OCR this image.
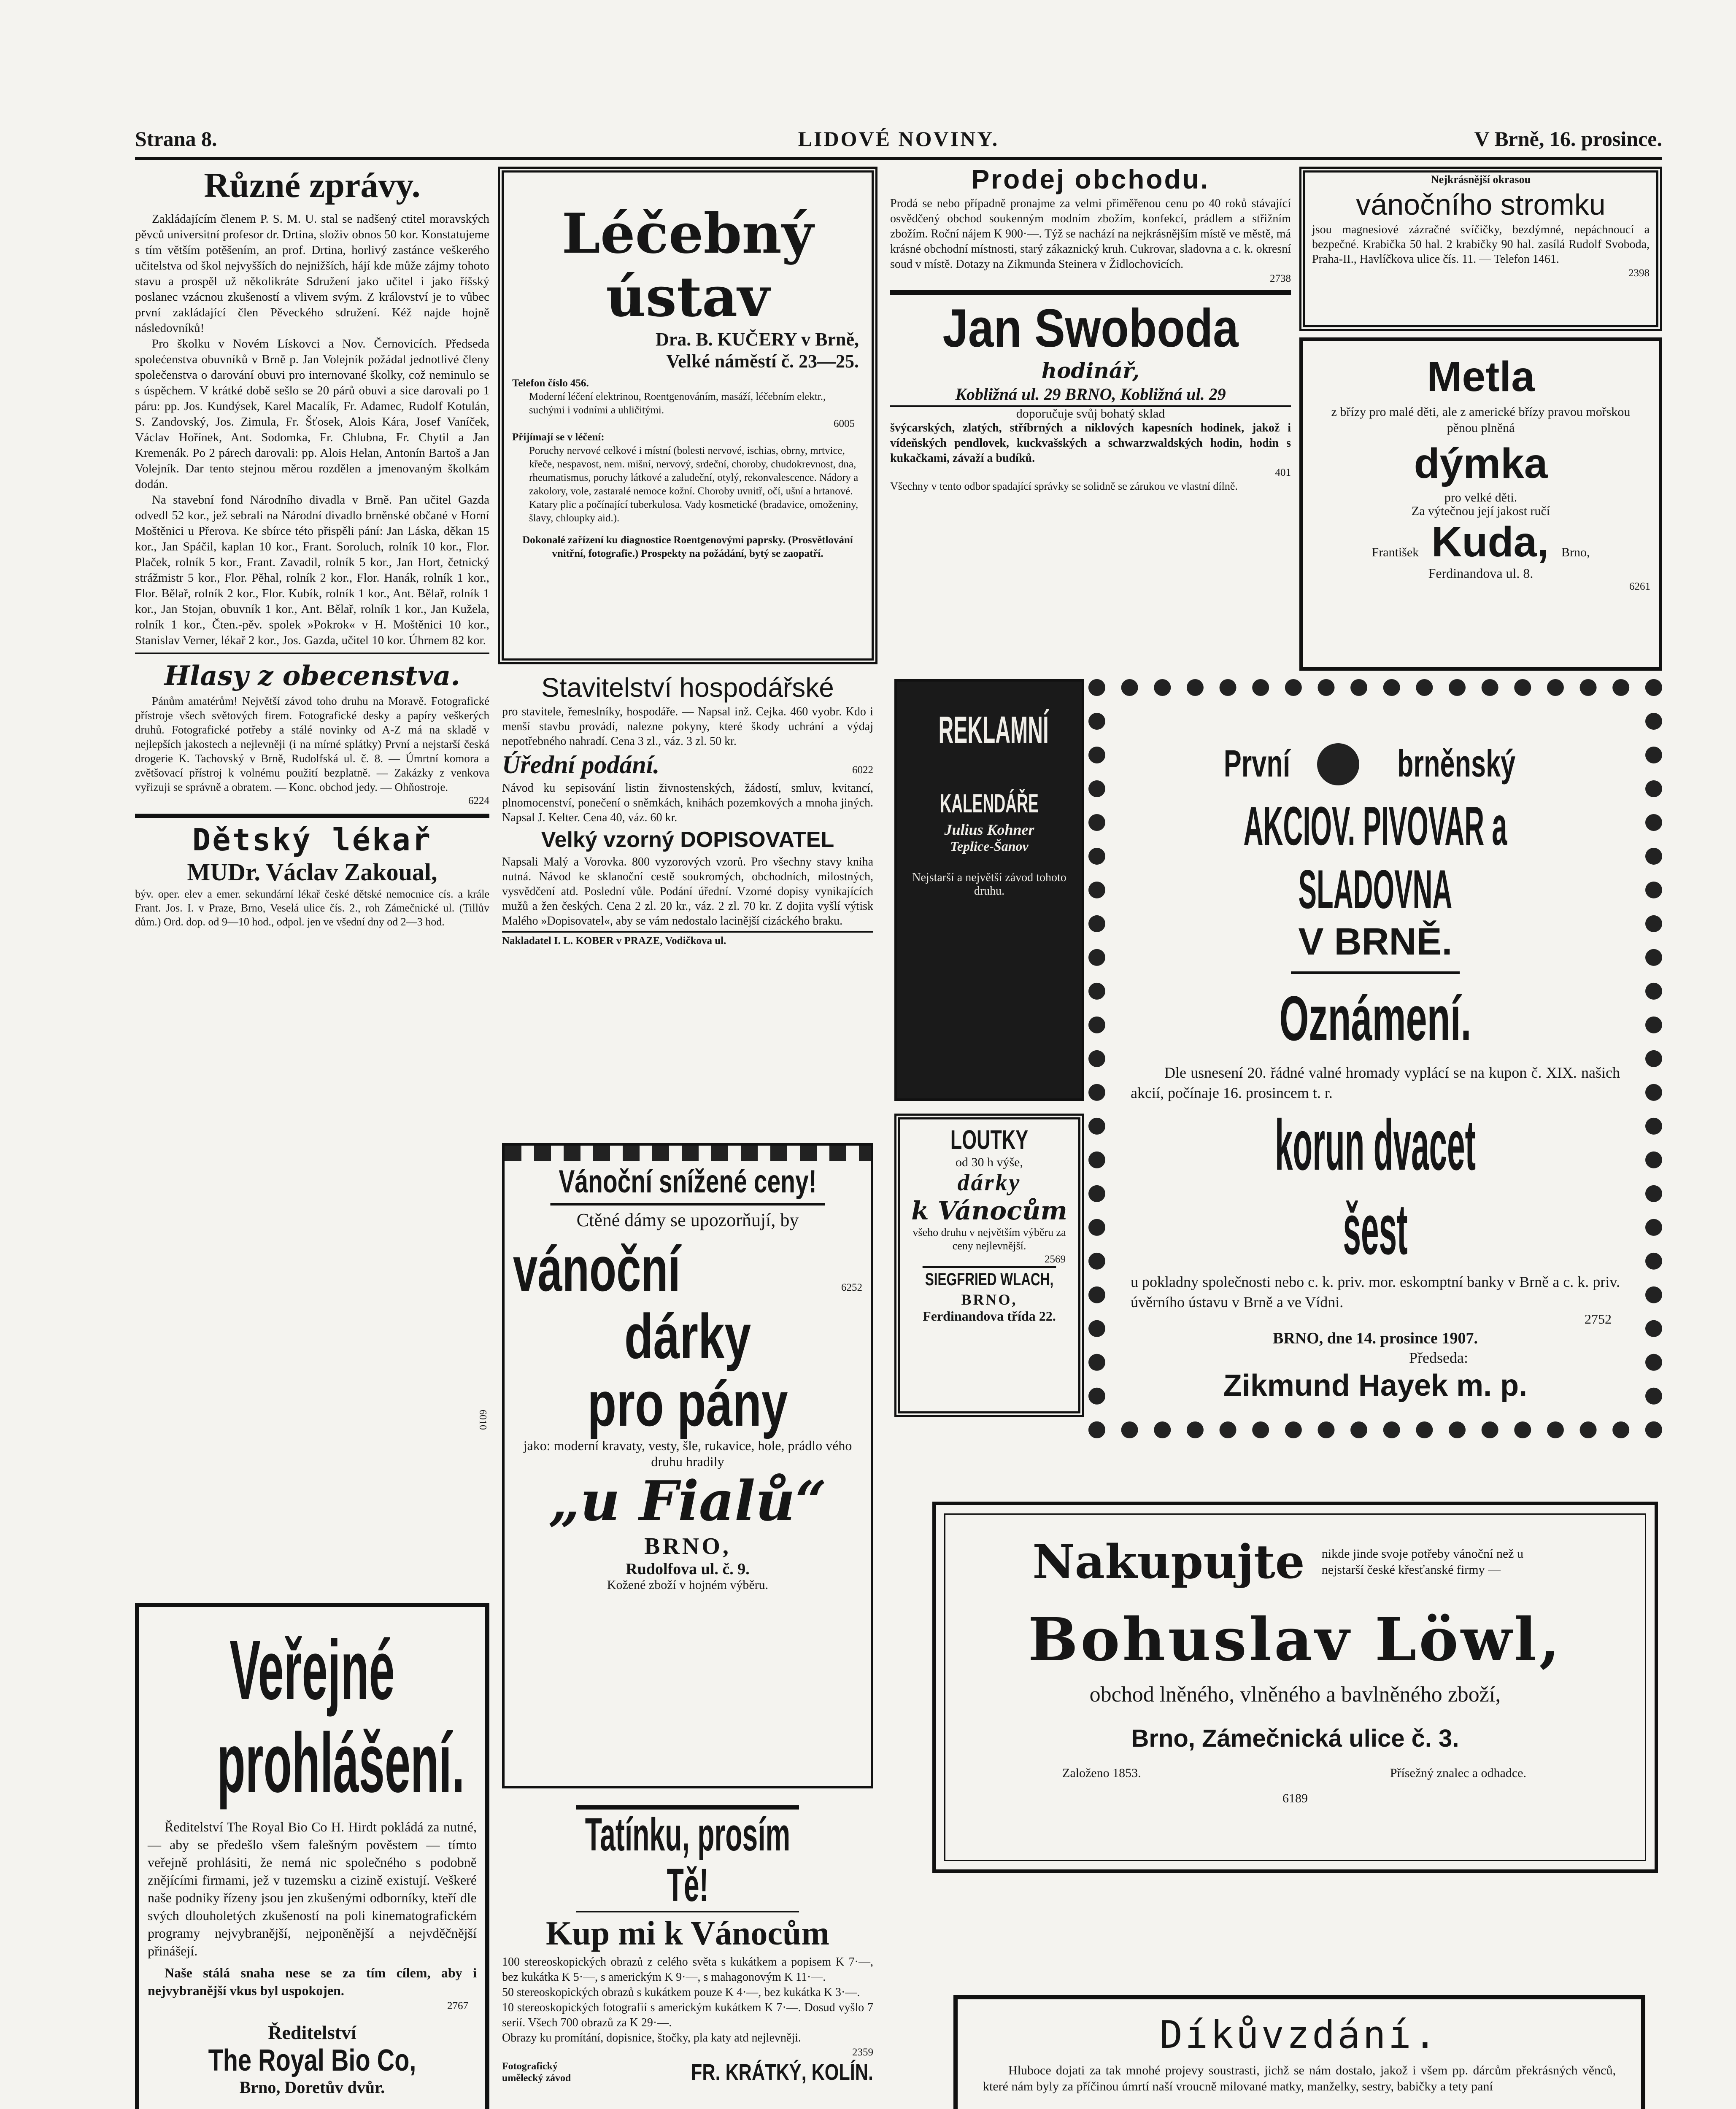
Strana 8.	LIDOVÉ NOVINY.	V Brně, 16. prosince.
Různé zprávy.
Zakládajícím členem P. S. M. U. stal se nadšený ctitel moravských pěvců universitní profesor dr. Drtina, složiv obnos 50 kor. Konstatujeme s tím větším potěšením, an prof. Drtina, horlivý zastánce veškerého učitelstva od škol nejvyšších do nejnižších, hájí kde může zájmy tohoto stavu a prospěl už několikráte Sdružení jako učitel i jako říšský poslanec vzácnou zkušeností a vlivem svým. Z království je to vůbec první zakládající člen Pěveckého sdružení. Kéž najde hojně následovníků!
Pro školku v Novém Lískovci a Nov. Černovicích. Předseda spolećenstva obuvníků v Brně p. Jan Volejník požádal jednotlivé členy společenstva o darování obuvi pro internované školky, což neminulo se s úspěchem. V krátké době sešlo se 20 párů obuvi a sice darovali po 1 páru: pp. Jos. Kundýsek, Karel Macalík, Fr. Adamec, Rudolf Kotulán, S. Zandovský, Jos. Zimula, Fr. Šťosek, Alois Kára, Josef Vaníček, Václav Hořínek, Ant. Sodomka, Fr. Chlubna, Fr. Chytil a Jan Kremenák. Po 2 párech darovali: pp. Alois Helan, Antonín Bartoš a Jan Volejník. Dar tento stejnou měrou rozdělen a jmenovaným školkám dodán.
Na stavební fond Národního divadla v Brně. Pan učitel Gazda odvedl 52 kor., jež sebrali na Národní divadlo brněnské občané v Horní Moštěnici u Přerova. Ke sbírce této přispěli pání: Jan Láska, děkan 15 kor., Jan Spáčil, kaplan 10 kor., Frant. Soroluch, rolník 10 kor., Flor. Plaček, rolník 5 kor., Frant. Zavadil, rolník 5 kor., Jan Hort, četnický strážmistr 5 kor., Flor. Pěhal, rolník 2 kor., Flor. Hanák, rolník 1 kor., Flor. Bělař, rolník 2 kor., Flor. Kubík, rolník 1 kor., Ant. Bělař, rolník 1 kor., Jan Stojan, obuvník 1 kor., Ant. Bělař, rolník 1 kor., Jan Kužela, rolník 1 kor., Čten.-pěv. spolek »Pokrok« v H. Moštěnici 10 kor., Stanislav Verner, lékař 2 kor., Jos. Gazda, učitel 10 kor. Úhrnem 82 kor.
Hlasy z obecenstva.
Pánům amatérům! Největší závod toho druhu na Moravě. Fotografické přístroje všech světových firem. Fotografické desky a papíry veškerých druhů. Fotografické potřeby a stálé novinky od A-Z má na skladě v nejlepších jakostech a nejlevněji (i na mírné splátky) První a nejstarší česká drogerie K. Tachovský v Brně, Rudolfská ul. č. 8. — Úmrtní komora a zvětšovací přístroj k volnému použití bezplatně. — Zakázky z venkova vyřizuji se správně a obratem. — Konc. obchod jedy. — Ohňostroje.
6224
Dětský lékař
MUDr. Václav Zakoual,
býv. oper. elev a emer. sekundární lékař české dětské nemocnice cís. a krále Frant. Jos. I. v Praze, Brno, Veselá ulice čís. 2., roh Zámečnické ul. (Tillův dům.) Ord. dop. od 9—10 hod., odpol. jen ve všední dny od 2—3 hod.
6010
Veřejné prohlášení.
Ředitelství The Royal Bio Co H. Hirdt pokládá za nutné, — aby se předešlo všem falešným pověstem — tímto veřejně prohlásiti, že nemá nic společného s podobně znějícími firmami, jež v tuzemsku a cizině existují. Veškeré naše podniky řízeny jsou jen zkušenými odborníky, kteří dle svých dlouholetých zkušeností na poli kinematografickém programy nejvybranější, nejponěnější a nejvděčnější přinášejí.
Naše stálá snaha nese se za tím cílem, aby i nejvybranější vkus byl uspokojen.
2767
Ředitelství
The Royal Bio Co,
Brno, Doretův dvůr.
Léčebný ústav
Dra. B. KUČERY v Brně,
Velké náměstí č. 23—25.
Telefon číslo 456.
Moderní léčení elektrinou, Roentgenováním, masáží, léčebním elektr., suchými i vodními a uhličitými.
6005
Přijímají se v léčení:
Poruchy nervové celkové i místní (bolesti nervové, ischias, obrny, mrtvice, křeče, nespavost, nem. mišní, nervový, srdeční, choroby, chudokrevnost, dna, rheumatismus, poruchy látkové a zaludeční, otylý, rekonvalescence. Nádory a zakolory, vole, zastaralé nemoce kožní. Choroby uvnitř, očí, ušní a hrtanové. Katary plic a počínající tuberkulosa. Vady kosmetické (bradavice, omoženiny, šlavy, chloupky aid.).
Dokonalé zařízení ku diagnostice Roentgenovými paprsky. (Prosvětlování vnitřní, fotografie.) Prospekty na požádání, bytý se zaopatří.
Stavitelství hospodářské
pro stavitele, řemeslníky, hospodáře. — Napsal inž. Cejka. 460 vyobr. Kdo i menší stavbu provádí, nalezne pokyny, které škody uchrání a výdaj nepotřebného nahradí. Cena 3 zl., váz. 3 zl. 50 kr.
Úřední podání.	6022
Návod ku sepisování listin živnostenských, žádostí, smluv, kvitancí, plnomocenství, ponečení o sněmkách, knihách pozemkových a mnoha jiných. Napsal J. Kelter. Cena 40, váz. 60 kr.
Velký vzorný DOPISOVATEL
Napsali Malý a Vorovka. 800 vyzorových vzorů. Pro všechny stavy kniha nutná. Návod ke sklanoční cestě soukromých, obchodních, milostných, vysvědčení atd. Poslední vůle. Podání úřední. Vzorné dopisy vynikajících mužů a žen českých. Cena 2 zl. 20 kr., váz. 2 zl. 70 kr. Z dojita vyšlí výtisk Malého »Dopisovatel«, aby se vám nedostalo lacinější cizáckého braku.
Nakladatel I. L. KOBER v PRAZE, Vodičkova ul.
Vánoční snížené ceny!
Ctěné dámy se upozorňují, by
vánoční	6252
dárky
pro pány
jako: moderní kravaty, vesty, šle, rukavice, hole, prádlo vého druhu hradily
„u Fialů“
BRNO,
Rudolfova ul. č. 9.
Kožené zboží v hojném výběru.
Tatínku, prosím Tě!
Kup mi k Vánocům
100 stereoskopických obrazů z celého světa s kukátkem a popisem K 7·—, bez kukátka K 5·—, s americkým K 9·—, s mahagonovým K 11·—.
50 stereoskopických obrazů s kukátkem pouze K 4·—, bez kukátka K 3·—.
10 stereoskopických fotografií s americkým kukátkem K 7·—. Dosud vyšlo 7 serií. Všech 700 obrazů za K 29·—.
Obrazy ku promítání, dopisnice, štočky, pla katy atd nejlevněji.
2359
Fotografický umělecký závod	FR. KRÁTKÝ, KOLÍN.
Prodej obchodu.
Prodá se nebo případně pronajme za velmi přiměřenou cenu po 40 roků stávající osvědčený obchod soukenným modním zbožím, konfekcí, prádlem a střižním zbožím. Roční nájem K 900·—. Týž se nachází na nejkrásnějším místě ve městě, má krásné obchodní místnosti, starý zákaznický kruh. Cukrovar, sladovna a c. k. okresní soud v místě. Dotazy na Zikmunda Steinera v Židlochovicích.
2738
Jan Swoboda
hodinář,
Kobližná ul. 29 BRNO, Kobližná ul. 29
doporučuje svůj bohatý sklad
švýcarských, zlatých, stříbrných a niklových kapesních hodinek, jakož i vídeňských pendlovek, kuckvašských a schwarzwaldských hodin, hodin s kukačkami, závaží a budíků.
401
Všechny v tento odbor spadající správky se solidně se zárukou ve vlastní dílně.
REKLAMNÍ
KALENDÁŘE
Julius Kohner
Teplice-Šanov
Nejstarší a největší závod tohoto druhu.
LOUTKY
od 30 h výše,
dárky
k Vánocům
všeho druhu v největším výběru za ceny nejlevnější.
2569
SIEGFRIED WLACH,
BRNO,
Ferdinandova třída 22.
Nejkrásnější okrasou
vánočního stromku
jsou magnesiové zázračné svíčičky, bezdýmné, nepáchnoucí a bezpečné. Krabička 50 hal. 2 krabičky 90 hal. zasílá Rudolf Svoboda, Praha-II., Havlíčkova ulice čís. 11. — Telefon 1461.
2398
Metla
z břízy pro malé děti, ale z americké břízy pravou mořskou pěnou plněná
dýmka
pro velké děti.
Za výtečnou její jakost ručí
František Kuda, Brno,
Ferdinandova ul. 8.
6261
První	brněnský
AKCIOV. PIVOVAR a SLADOVNA
V BRNĚ.
Oznámení.
Dle usnesení 20. řádné valné hromady vyplácí se na kupon č. XIX. našich akcií, počínaje 16. prosincem t. r.
korun dvacet šest
u pokladny společnosti nebo c. k. priv. mor. eskomptní banky v Brně a c. k. priv. úvěrního ústavu v Brně a ve Vídni.
2752
BRNO, dne 14. prosince 1907.
Předseda:
Zikmund Hayek m. p.
Nakupujte nikde jinde svoje potřeby vánoční než u nejstarší české křesťanské firmy —
Bohuslav Löwl,
obchod lněného, vlněného a bavlněného zboží,
Brno, Zámečnická ulice č. 3.
Založeno 1853.	Přísežný znalec a odhadce.
6189
Díkůvzdání.
Hluboce dojati za tak mnohé projevy soustrasti, jichž se nám dostalo, jakož i všem pp. dárcům překrásných věnců, které nám byly za příčinou úmrtí naší vroucně milované matky, manželky, sestry, babičky a tety paní
